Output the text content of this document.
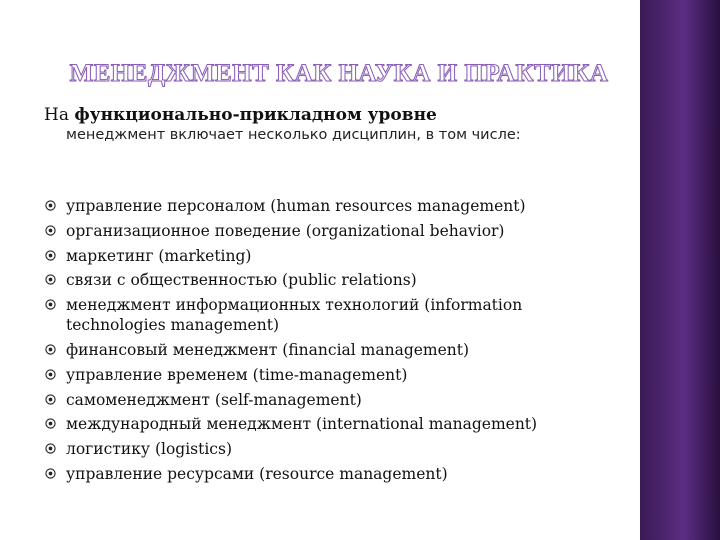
МЕНЕДЖМЕНТ КАК НАУКА И ПРАКТИКА
На функционально-прикладном уровне
менеджмент включает несколько дисциплин, в том числе:
управление персоналом (human resources management)
организационное поведение (organizational behavior)
маркетинг (marketing)
связи с общественностью (public relations)
менеджмент информационных технологий (information technologies management)
финансовый менеджмент (financial management)
управление временем (time-management)
самоменеджмент (self-management)
международный менеджмент (international management)
логистику (logistics)
управление ресурсами (resource management)
